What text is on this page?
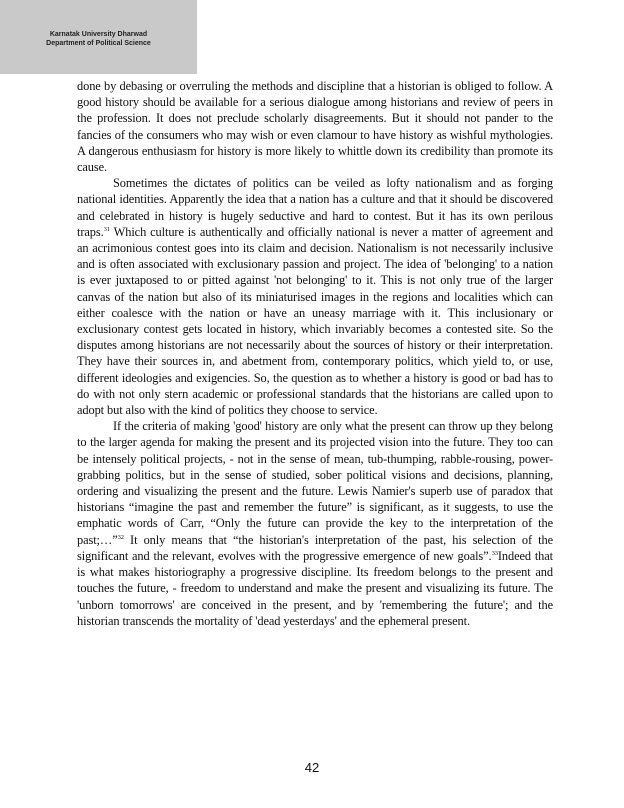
Karnatak University Dharwad
Department of Political Science

done by debasing or overruling the methods and discipline that a historian is obliged to follow. A good history should be available for a serious dialogue among historians and review of peers in the profession. It does not preclude scholarly disagreements. But it should not pander to the fancies of the consumers who may wish or even clamour to have history as wishful mythologies. A dangerous enthusiasm for history is more likely to whittle down its credibility than promote its cause.

Sometimes the dictates of politics can be veiled as lofty nationalism and as forging national identities. Apparently the idea that a nation has a culture and that it should be discovered and celebrated in history is hugely seductive and hard to contest. But it has its own perilous traps.$^{31}$ Which culture is authentically and officially national is never a matter of agreement and an acrimonious contest goes into its claim and decision. Nationalism is not necessarily inclusive and is often associated with exclusionary passion and project. The idea of 'belonging' to a nation is ever juxtaposed to or pitted against 'not belonging' to it. This is not only true of the larger canvas of the nation but also of its miniaturised images in the regions and localities which can either coalesce with the nation or have an uneasy marriage with it. This inclusionary or exclusionary contest gets located in history, which invariably becomes a contested site. So the disputes among historians are not necessarily about the sources of history or their interpretation. They have their sources in, and abetment from, contemporary politics, which yield to, or use, different ideologies and exigencies. So, the question as to whether a history is good or bad has to do with not only stern academic or professional standards that the historians are called upon to adopt but also with the kind of politics they choose to service.

If the criteria of making 'good' history are only what the present can throw up they belong to the larger agenda for making the present and its projected vision into the future. They too can be intensely political projects, - not in the sense of mean, tub-thumping, rabble-rousing, power-grabbing politics, but in the sense of studied, sober political visions and decisions, planning, ordering and visualizing the present and the future. Lewis Namier's superb use of paradox that historians “imagine the past and remember the future” is significant, as it suggests, to use the emphatic words of Carr, “Only the future can provide the key to the interpretation of the past;…”$^{32}$ It only means that “the historian's interpretation of the past, his selection of the significant and the relevant, evolves with the progressive emergence of new goals”.$^{33}$Indeed that is what makes historiography a progressive discipline. Its freedom belongs to the present and touches the future, - freedom to understand and make the present and visualizing its future. The 'unborn tomorrows' are conceived in the present, and by 'remembering the future'; and the historian transcends the mortality of 'dead yesterdays' and the ephemeral present.

42
